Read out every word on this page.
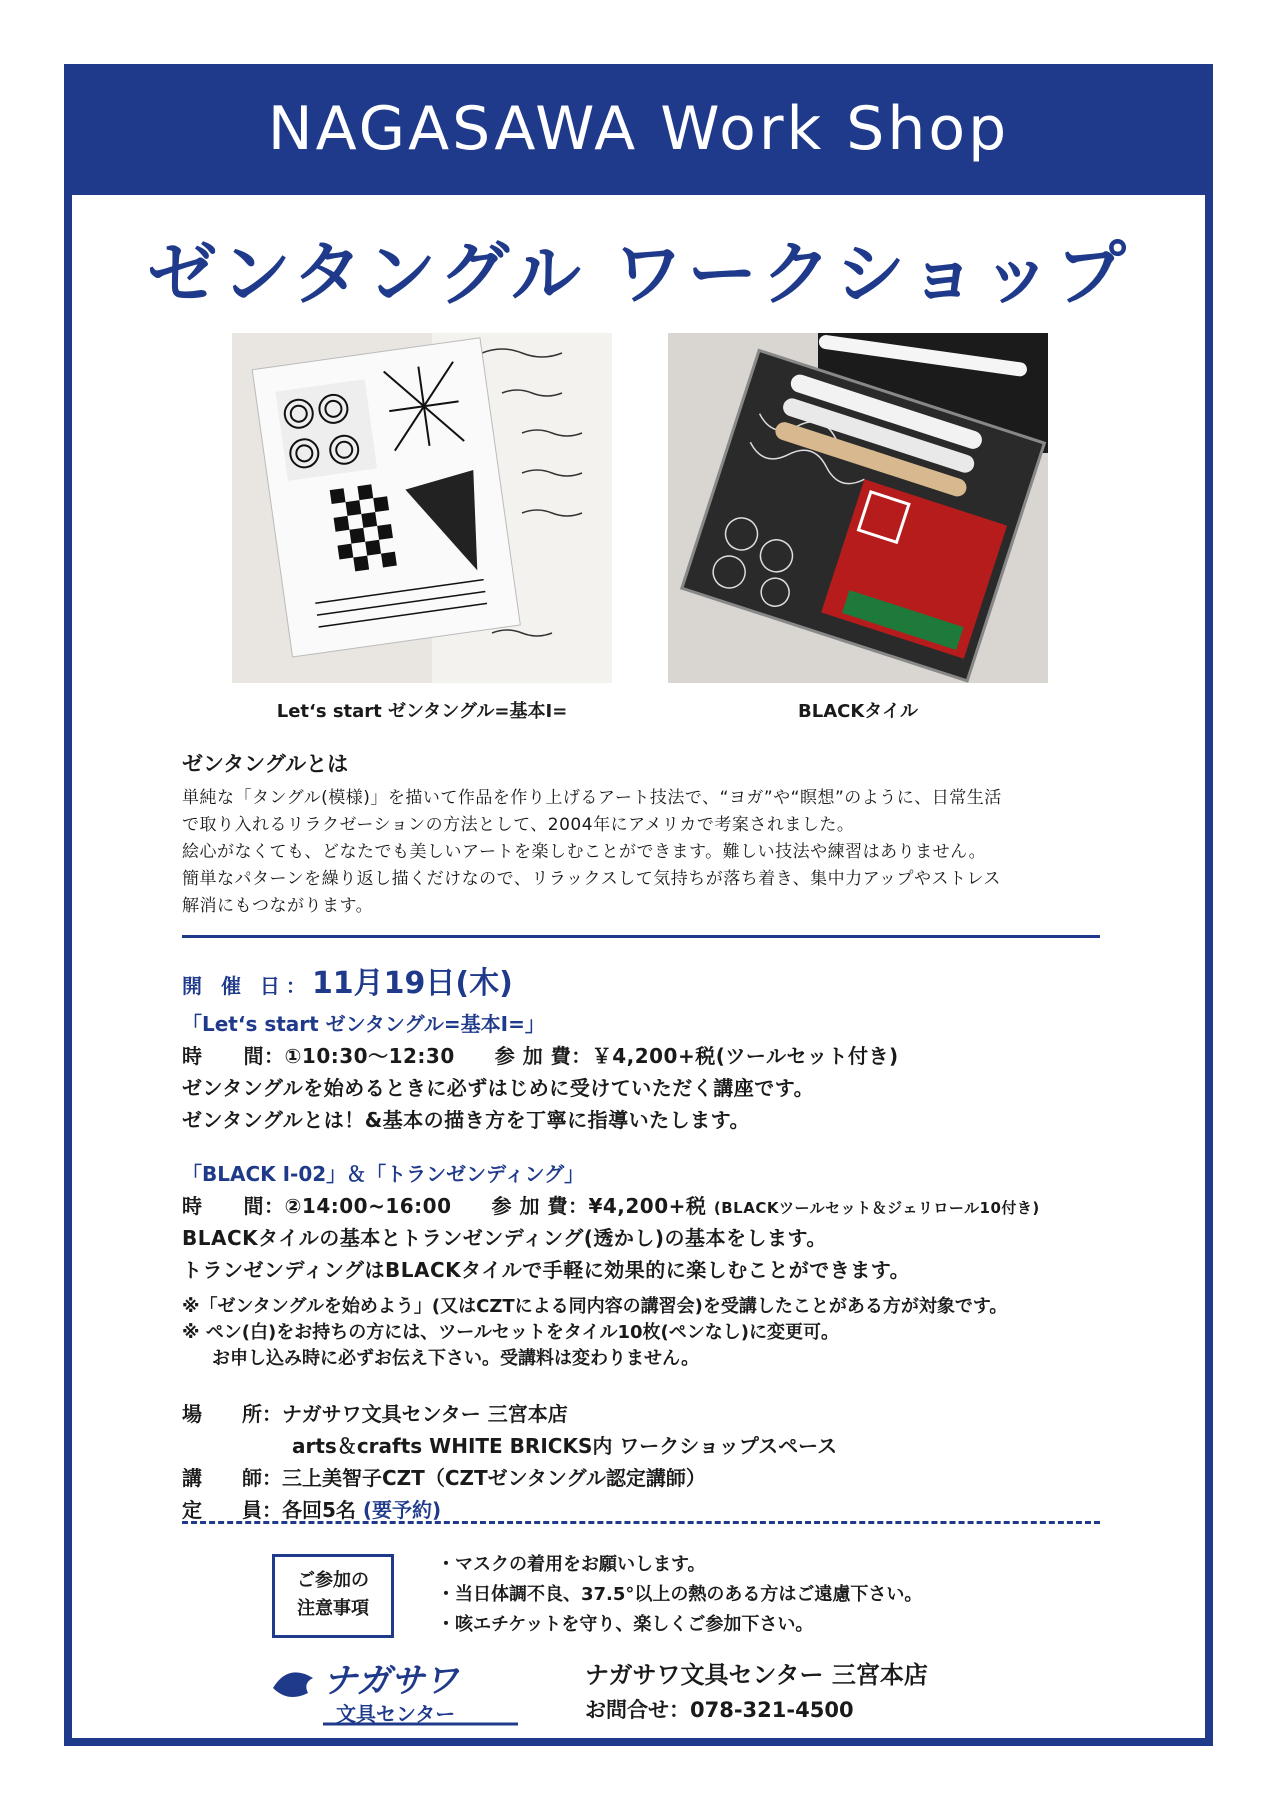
NAGASAWA Work Shop
ゼンタングル ワークショップ
Let‘s start ゼンタングル=基本Ⅰ=	BLACKタイル
ゼンタングルとは
単純な「タングル(模様)」を描いて作品を作り上げるアート技法で、“ヨガ”や“瞑想”のように、日常生活
で取り入れるリラクゼーションの方法として、2004年にアメリカで考案されました。
絵心がなくても、どなたでも美しいアートを楽しむことができます。難しい技法や練習はありません。
簡単なパターンを繰り返し描くだけなので、リラックスして気持ちが落ち着き、集中力アップやストレス
解消にもつながります。
開 催 日：11月19日(木)
「Let‘s start ゼンタングル=基本Ⅰ=」
時　　間：①10:30〜12:30 参 加 費：￥4,200+税(ツールセット付き)
ゼンタングルを始めるときに必ずはじめに受けていただく講座です。
ゼンタングルとは！&基本の描き方を丁寧に指導いたします。
「BLACK Ⅰ-02」＆「トランゼンディング」
時　　間：②14:00~16:00 参 加 費：¥4,200+税 (BLACKツールセット＆ジェリロール10付き)
BLACKタイルの基本とトランゼンディング(透かし)の基本をします。
トランゼンディングはBLACKタイルで手軽に効果的に楽しむことができます。
※「ゼンタングルを始めよう」(又はCZTによる同内容の講習会)を受講したことがある方が対象です。
※ ペン(白)をお持ちの方には、ツールセットをタイル10枚(ペンなし)に変更可。
お申し込み時に必ずお伝え下さい。受講料は変わりません。
場　　所：ナガサワ文具センター 三宮本店
arts＆crafts WHITE BRICKS内 ワークショップスペース
講　　師：三上美智子CZT（CZTゼンタングル認定講師）
定　　員：各回5名 (要予約)
ご参加の
注意事項
・マスクの着用をお願いします。
・当日体調不良、37.5°以上の熱のある方はご遠慮下さい。
・咳エチケットを守り、楽しくご参加下さい。
ナガサワ
文具センター
ナガサワ文具センター 三宮本店
お問合せ：078-321-4500
